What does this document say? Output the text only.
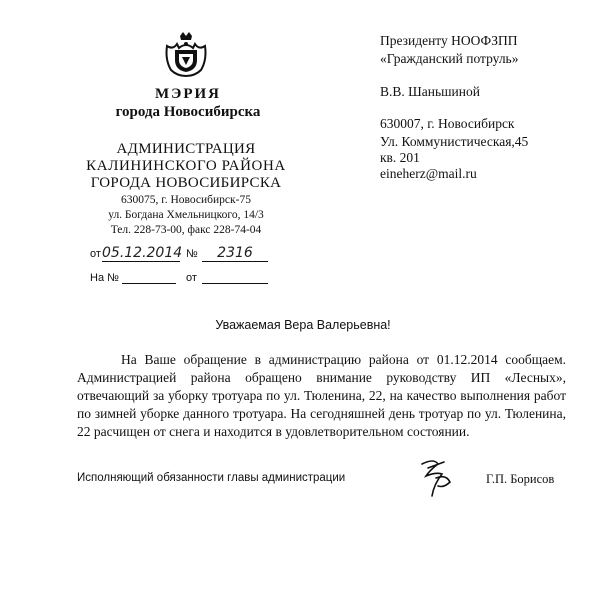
МЭРИЯ
города Новосибирска
АДМИНИСТРАЦИЯ
КАЛИНИНСКОГО РАЙОНА
ГОРОДА НОВОСИБИРСКА
630075, г. Новосибирск-75
ул. Богдана Хмельницкого, 14/3
Тел. 228-73-00, факс 228-74-04
от 05.12.2014 №	2316
На №	от
Президенту НООФЗПП
«Гражданский потруль»
В.В. Шаньшиной
630007, г. Новосибирск
Ул. Коммунистическая,45
кв. 201
eineherz@mail.ru
Уважаемая Вера Валерьевна!

На Ваше обращение в администрацию района от 01.12.2014 сообщаем. Администрацией района обращено внимание руководству ИП «Лесных», отвечающий за уборку тротуара по ул. Тюленина, 22, на качество выполнения работ по зимней уборке данного тротуара. На сегодняшней день тротуар по ул. Тюленина, 22 расчищен от снега и находится в удовлетворительном состоянии.

Исполняющий обязанности главы администрации	Г.П. Борисов
